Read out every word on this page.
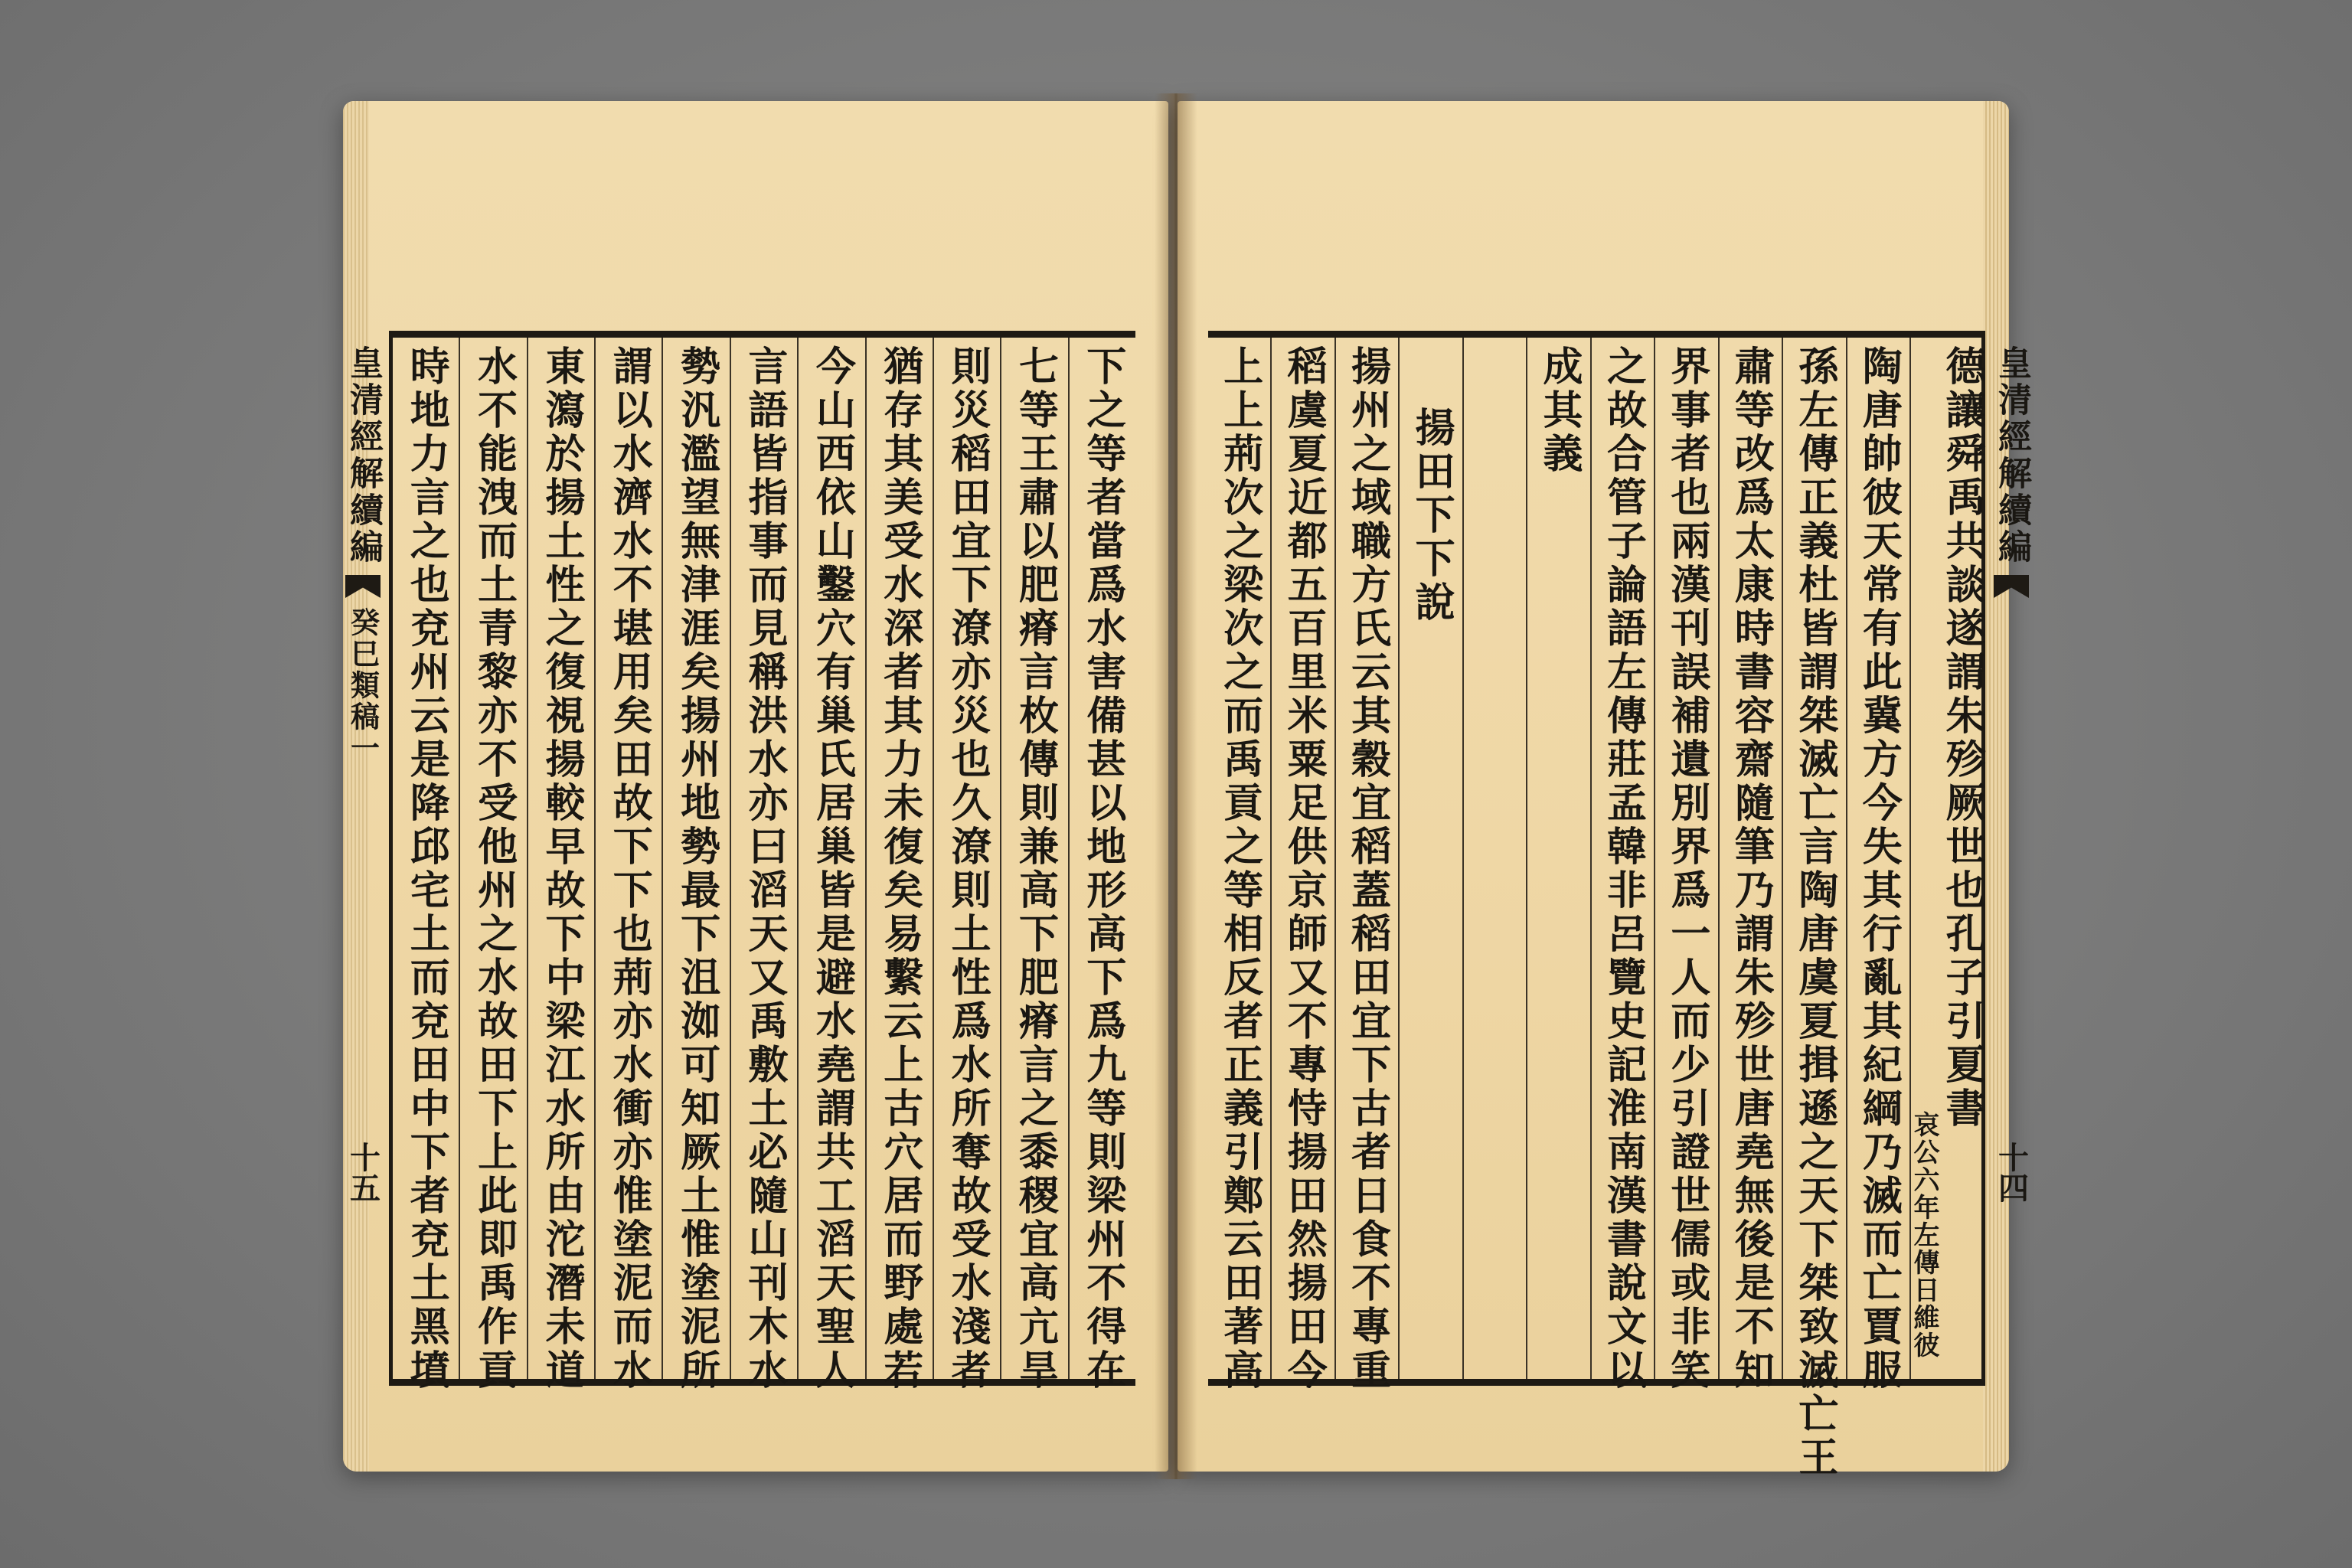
皇清經解續編
癸巳類稿一
十五	下之等者當爲水害備甚以地形高下爲九等則梁州不得在
七等王肅以肥瘠言枚傳則兼高下肥瘠言之黍稷宜高亢旱
則災稻田宜下潦亦災也久潦則土性爲水所奪故受水淺者
猶存其美受水深者其力未復矣易繫云上古穴居而野處若
今山西依山鑿穴有巢氏居巢皆是避水堯謂共工滔天聖人
言語皆指事而見稱洪水亦曰滔天又禹敷土必隨山刊木水
勢汎濫望無津涯矣揚州地勢最下沮洳可知厥土惟塗泥所
謂以水濟水不堪用矣田故下下也荊亦水衝亦惟塗泥而水
東瀉於揚土性之復視揚較早故下中梁江水所由沱潛未道
水不能洩而土青黎亦不受他州之水故田下上此即禹作貢
時地力言之也兗州云是降邱宅土而兗田中下者兗土黑墳	皇清經解續編
十四
德讓舜禹共談遂謂朱殄厥世也孔子引夏書
哀公六年左傳日維彼
陶唐帥彼天常有此冀方今失其行亂其紀綱乃滅而亡賈服
孫左傳正義杜皆謂桀滅亡言陶唐虞夏揖遜之天下桀致滅亡王
肅等改爲太康時書容齋隨筆乃謂朱殄世唐堯無後是不知
界事者也兩漢刊誤補遺別界爲一人而少引證世儒或非笑
之故合管子論語左傳莊孟韓非呂覽史記淮南漢書說文以
成其義
揚田下下說
揚州之域職方氏云其穀宜稻蓋稻田宜下古者日食不專重
稻虞夏近都五百里米粟足供京師又不專恃揚田然揚田今
上上荊次之梁次之而禹貢之等相反者正義引鄭云田著高
